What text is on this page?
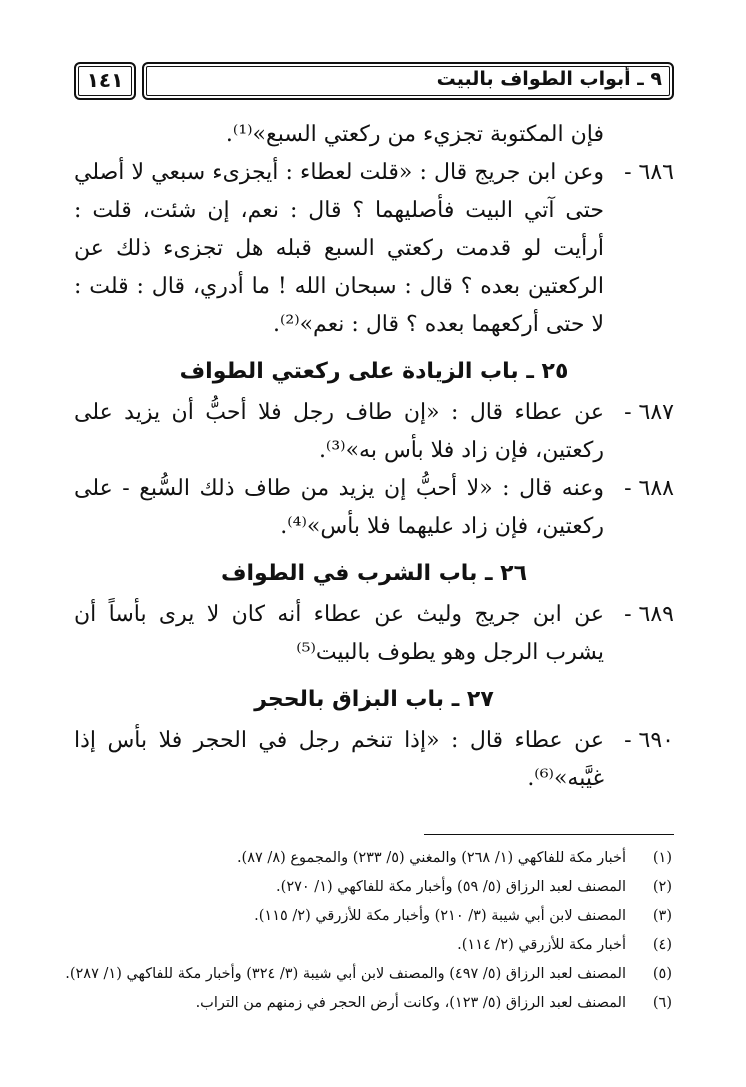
٩ ـ أبواب الطواف بالبيت
١٤١

فإن المكتوبة تجزيء من ركعتي السبع»⁽¹⁾.

٦٨٦ -
وعن ابن جريج قال : «قلت لعطاء : أيجزىء سبعي لا أصلي حتى آتي البيت فأصليهما ؟ قال : نعم، إن شئت، قلت : أرأيت لو قدمت ركعتي السبع قبله هل تجزىء ذلك عن الركعتين بعده ؟ قال : سبحان الله ! ما أدري، قال : قلت : لا حتى أركعهما بعده ؟ قال : نعم»⁽²⁾.

٢٥ ـ باب الزيادة على ركعتي الطواف

٦٨٧ -
عن عطاء قال : «إن طاف رجل فلا أحبُّ أن يزيد على ركعتين، فإن زاد فلا بأس به»⁽³⁾.

٦٨٨ -
وعنه قال : «لا أحبُّ إن يزيد من طاف ذلك السُّبع - على ركعتين، فإن زاد عليهما فلا بأس»⁽⁴⁾.

٢٦ ـ باب الشرب في الطواف

٦٨٩ -
عن ابن جريج وليث عن عطاء أنه كان لا يرى بأساً أن يشرب الرجل وهو يطوف بالبيت⁽⁵⁾

٢٧ ـ باب البزاق بالحجر

٦٩٠ -
عن عطاء قال : «إذا تنخم رجل في الحجر فلا بأس إذا غيَّبه»⁽⁶⁾.

(١)
أخبار مكة للفاكهي (١/ ٢٦٨) والمغني (٥/ ٢٣٣) والمجموع (٨/ ٨٧).

(٢)
المصنف لعبد الرزاق (٥/ ٥٩) وأخبار مكة للفاكهي (١/ ٢٧٠).

(٣)
المصنف لابن أبي شيبة (٣/ ٢١٠) وأخبار مكة للأزرقي (٢/ ١١٥).

(٤)
أخبار مكة للأزرقي (٢/ ١١٤).

(٥)
المصنف لعبد الرزاق (٥/ ٤٩٧) والمصنف لابن أبي شيبة (٣/ ٣٢٤) وأخبار مكة للفاكهي (١/ ٢٨٧).

(٦)
المصنف لعبد الرزاق (٥/ ١٢٣)، وكانت أرض الحجر في زمنهم من التراب.
